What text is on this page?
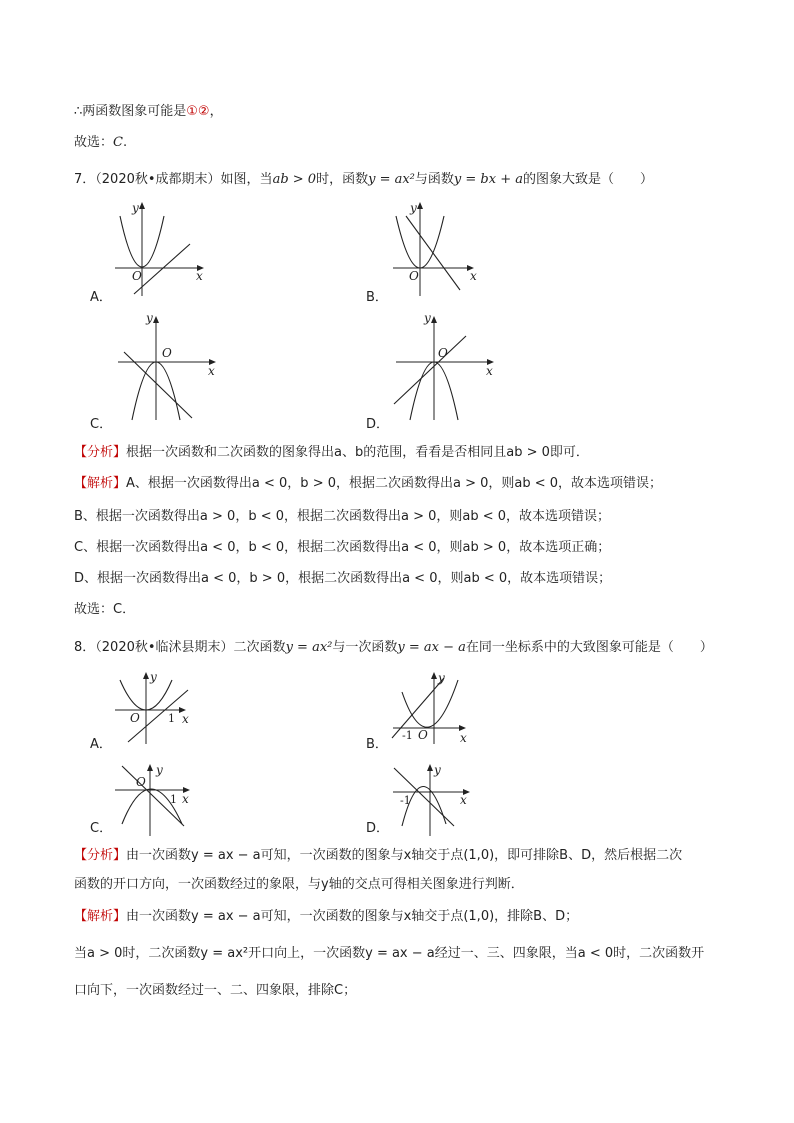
∴两函数图象可能是①②，
故选：C.
7．（2020秋•成都期末）如图，当ab > 0时，函数y = ax²与函数y = bx + a的图象大致是（　　）
y
x
O
A．
y
x
O
B．
y
x
O
C．
y
x
O
D．
【分析】根据一次函数和二次函数的图象得出a、b的范围，看看是否相同且ab > 0即可．
【解析】A、根据一次函数得出a < 0，b > 0，根据二次函数得出a > 0，则ab < 0，故本选项错误；
B、根据一次函数得出a > 0，b < 0，根据二次函数得出a > 0，则ab < 0，故本选项错误；
C、根据一次函数得出a < 0，b < 0，根据二次函数得出a < 0，则ab > 0，故本选项正确；
D、根据一次函数得出a < 0，b > 0，根据二次函数得出a < 0，则ab < 0，故本选项错误；
故选：C．
8．（2020秋•临沭县期末）二次函数y = ax²与一次函数y = ax − a在同一坐标系中的大致图象可能是（　　）
y
x
O	1
A．
y
x
O
-1
B．
y
x
O
1
C．
y
x
-1
D．
【分析】由一次函数y = ax − a可知，一次函数的图象与x轴交于点(1,0)，即可排除B、D，然后根据二次
函数的开口方向，一次函数经过的象限，与y轴的交点可得相关图象进行判断．
【解析】由一次函数y = ax − a可知，一次函数的图象与x轴交于点(1,0)，排除B、D；
当a > 0时，二次函数y = ax²开口向上，一次函数y = ax − a经过一、三、四象限，当a < 0时，二次函数开
口向下，一次函数经过一、二、四象限，排除C；
